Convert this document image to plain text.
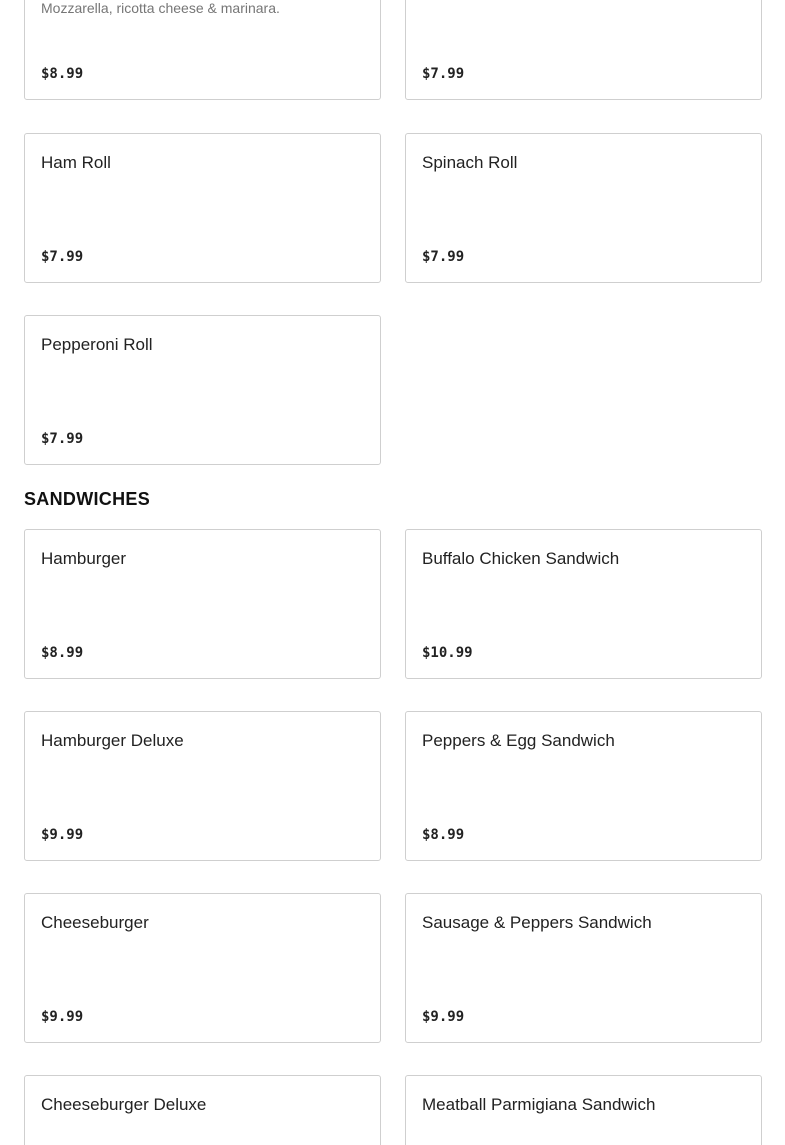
Mozzarella, ricotta cheese & marinara.
$8.99	$7.99
Ham Roll
$7.99
Spinach Roll
$7.99
Pepperoni Roll
$7.99
SANDWICHES
Hamburger
$8.99
Buffalo Chicken Sandwich
$10.99
Hamburger Deluxe
$9.99
Peppers & Egg Sandwich
$8.99
Cheeseburger
$9.99
Sausage & Peppers Sandwich
$9.99
Cheeseburger Deluxe	Meatball Parmigiana Sandwich
